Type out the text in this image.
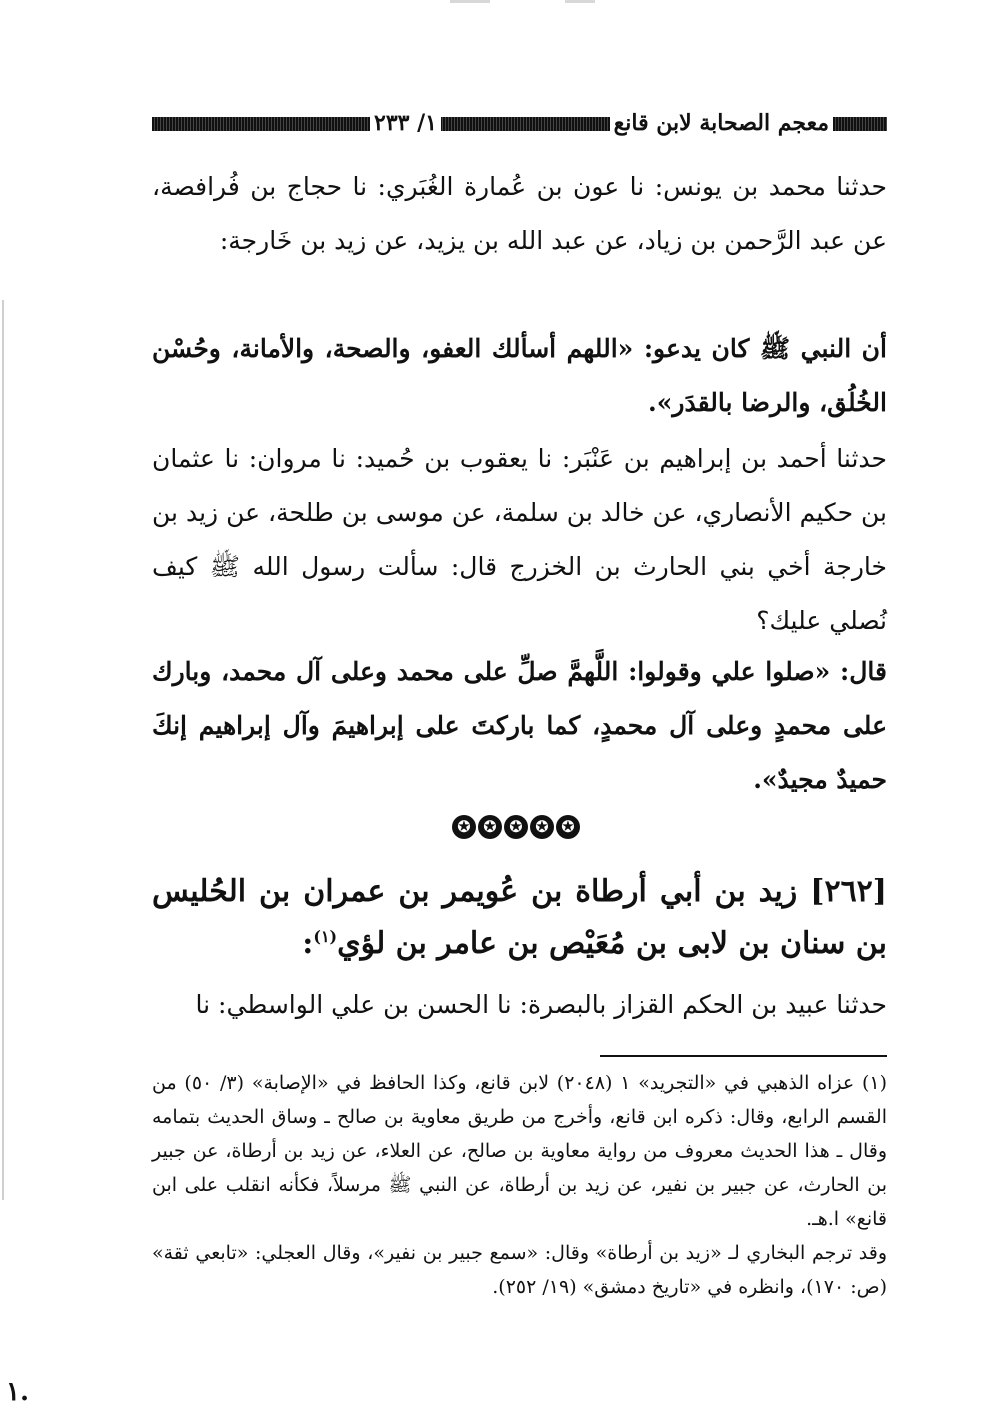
معجم الصحابة لابن قانع
١/ ٢٣٣
حدثنا محمد بن يونس: نا عون بن عُمارة الغُبَري: نا حجاج بن فُرافصة، عن عبد الرَّحمن بن زياد، عن عبد الله بن يزيد، عن زيد بن خَارجة:
أن النبي ﷺ كان يدعو: «اللهم أسألك العفو، والصحة، والأمانة، وحُسْن الخُلُق، والرضا بالقدَر».
حدثنا أحمد بن إبراهيم بن عَنْبَر: نا يعقوب بن حُميد: نا مروان: نا عثمان بن حكيم الأنصاري، عن خالد بن سلمة، عن موسى بن طلحة، عن زيد بن خارجة أخي بني الحارث بن الخزرج قال: سألت رسول الله ﷺ كيف نُصلي عليك؟
قال: «صلوا علي وقولوا: اللَّهمَّ صلِّ على محمد وعلى آل محمد، وبارك على محمدٍ وعلى آل محمدٍ، كما باركتَ على إبراهيمَ وآل إبراهيم إنكَ حميدٌ مجيدٌ».
✪ ✪ ✪ ✪ ✪
[٢٦٢] زيد بن أبي أرطاة بن عُويمر بن عمران بن الحُليس بن سنان بن لابى بن مُعَيْص بن عامر بن لؤي$^{(١)}$:
حدثنا عبيد بن الحكم القزاز بالبصرة: نا الحسن بن علي الواسطي: نا
(١) عزاه الذهبي في «التجريد» ١ (٢٠٤٨) لابن قانع، وكذا الحافظ في «الإصابة» (٣/ ٥٠) من القسم الرابع، وقال: ذكره ابن قانع، وأخرج من طريق معاوية بن صالح ـ وساق الحديث بتمامه وقال ـ هذا الحديث معروف من رواية معاوية بن صالح، عن العلاء، عن زيد بن أرطاة، عن جبير بن الحارث، عن جبير بن نفير، عن زيد بن أرطاة، عن النبي ﷺ مرسلاً، فكأنه انقلب على ابن قانع» ا.هـ.
وقد ترجم البخاري لـ «زيد بن أرطاة» وقال: «سمع جبير بن نفير»، وقال العجلي: «تابعي ثقة» (ص: ١٧٠)، وانظره في «تاريخ دمشق» (١٩/ ٢٥٢).
١.
